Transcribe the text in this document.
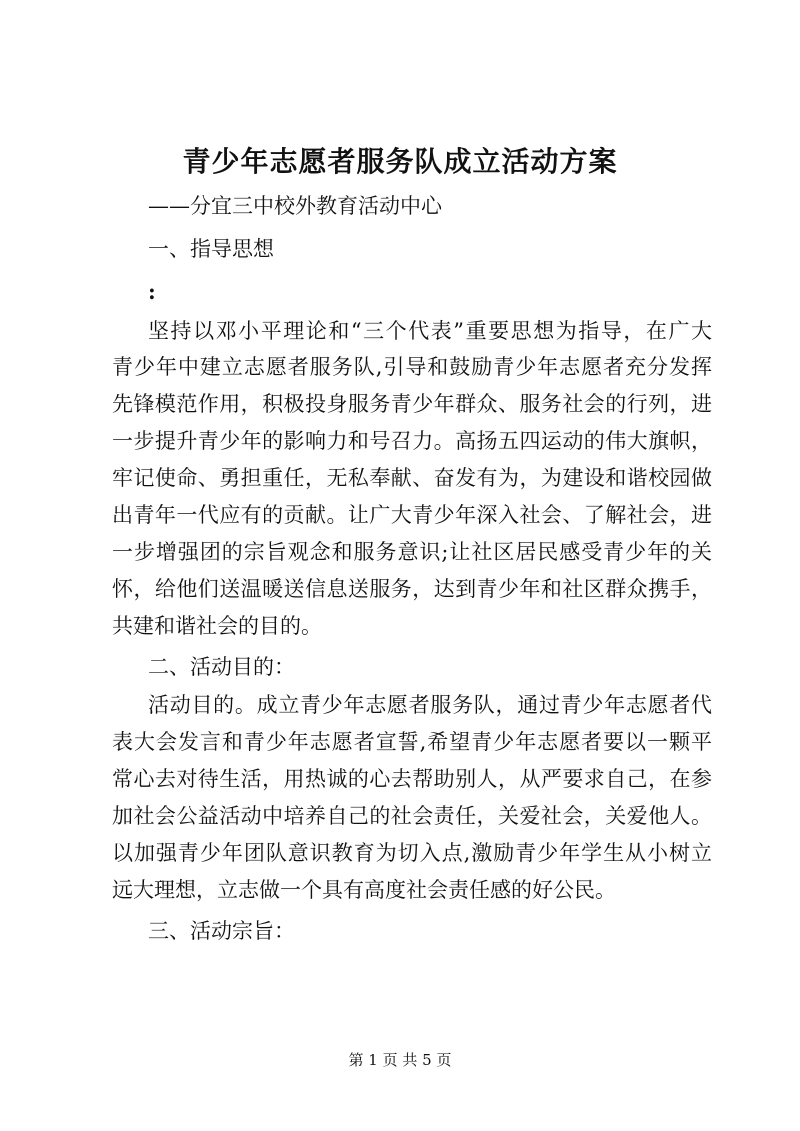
青少年志愿者服务队成立活动方案
——分宜三中校外教育活动中心
一、指导思想
:
坚持以邓小平理论和“三个代表”重要思想为指导，在广大
青少年中建立志愿者服务队,引导和鼓励青少年志愿者充分发挥
先锋模范作用，积极投身服务青少年群众、服务社会的行列，进
一步提升青少年的影响力和号召力。高扬五四运动的伟大旗帜，
牢记使命、勇担重任，无私奉献、奋发有为，为建设和谐校园做
出青年一代应有的贡献。让广大青少年深入社会、了解社会，进
一步增强团的宗旨观念和服务意识;让社区居民感受青少年的关
怀，给他们送温暖送信息送服务，达到青少年和社区群众携手，
共建和谐社会的目的。
二、活动目的：
活动目的。成立青少年志愿者服务队，通过青少年志愿者代
表大会发言和青少年志愿者宣誓,希望青少年志愿者要以一颗平
常心去对待生活，用热诚的心去帮助别人，从严要求自己，在参
加社会公益活动中培养自己的社会责任，关爱社会，关爱他人。
以加强青少年团队意识教育为切入点,激励青少年学生从小树立
远大理想，立志做一个具有高度社会责任感的好公民。
三、活动宗旨：
第 1 页 共 5 页
